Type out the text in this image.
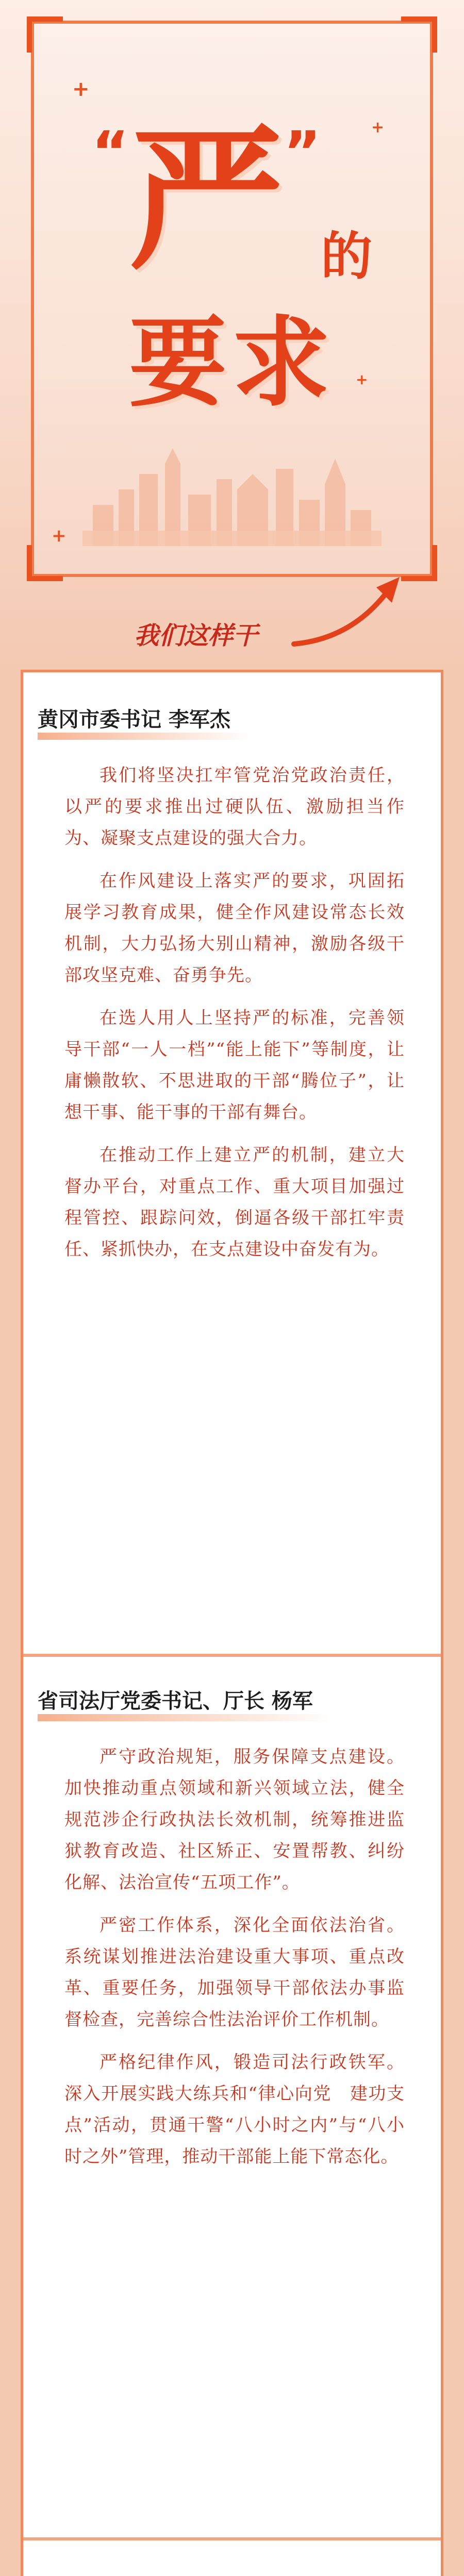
+
+
+
+
“严”的
要求
我们这样干
黄冈市委书记 李军杰

我们将坚决扛牢管党治党政治责任，以严的要求推出过硬队伍、激励担当作为、凝聚支点建设的强大合力。

在作风建设上落实严的要求，巩固拓展学习教育成果，健全作风建设常态长效机制，大力弘扬大别山精神，激励各级干部攻坚克难、奋勇争先。

在选人用人上坚持严的标准，完善领导干部“一人一档”“能上能下”等制度，让庸懒散软、不思进取的干部“腾位子”，让想干事、能干事的干部有舞台。

在推动工作上建立严的机制，建立大督办平台，对重点工作、重大项目加强过程管控、跟踪问效，倒逼各级干部扛牢责任、紧抓快办，在支点建设中奋发有为。

省司法厅党委书记、厅长 杨军

严守政治规矩，服务保障支点建设。加快推动重点领域和新兴领域立法，健全规范涉企行政执法长效机制，统筹推进监狱教育改造、社区矫正、安置帮教、纠纷化解、法治宣传“五项工作”。

严密工作体系，深化全面依法治省。系统谋划推进法治建设重大事项、重点改革、重要任务，加强领导干部依法办事监督检查，完善综合性法治评价工作机制。

严格纪律作风，锻造司法行政铁军。深入开展实践大练兵和“律心向党　建功支点”活动，贯通干警“八小时之内”与“八小时之外”管理，推动干部能上能下常态化。
